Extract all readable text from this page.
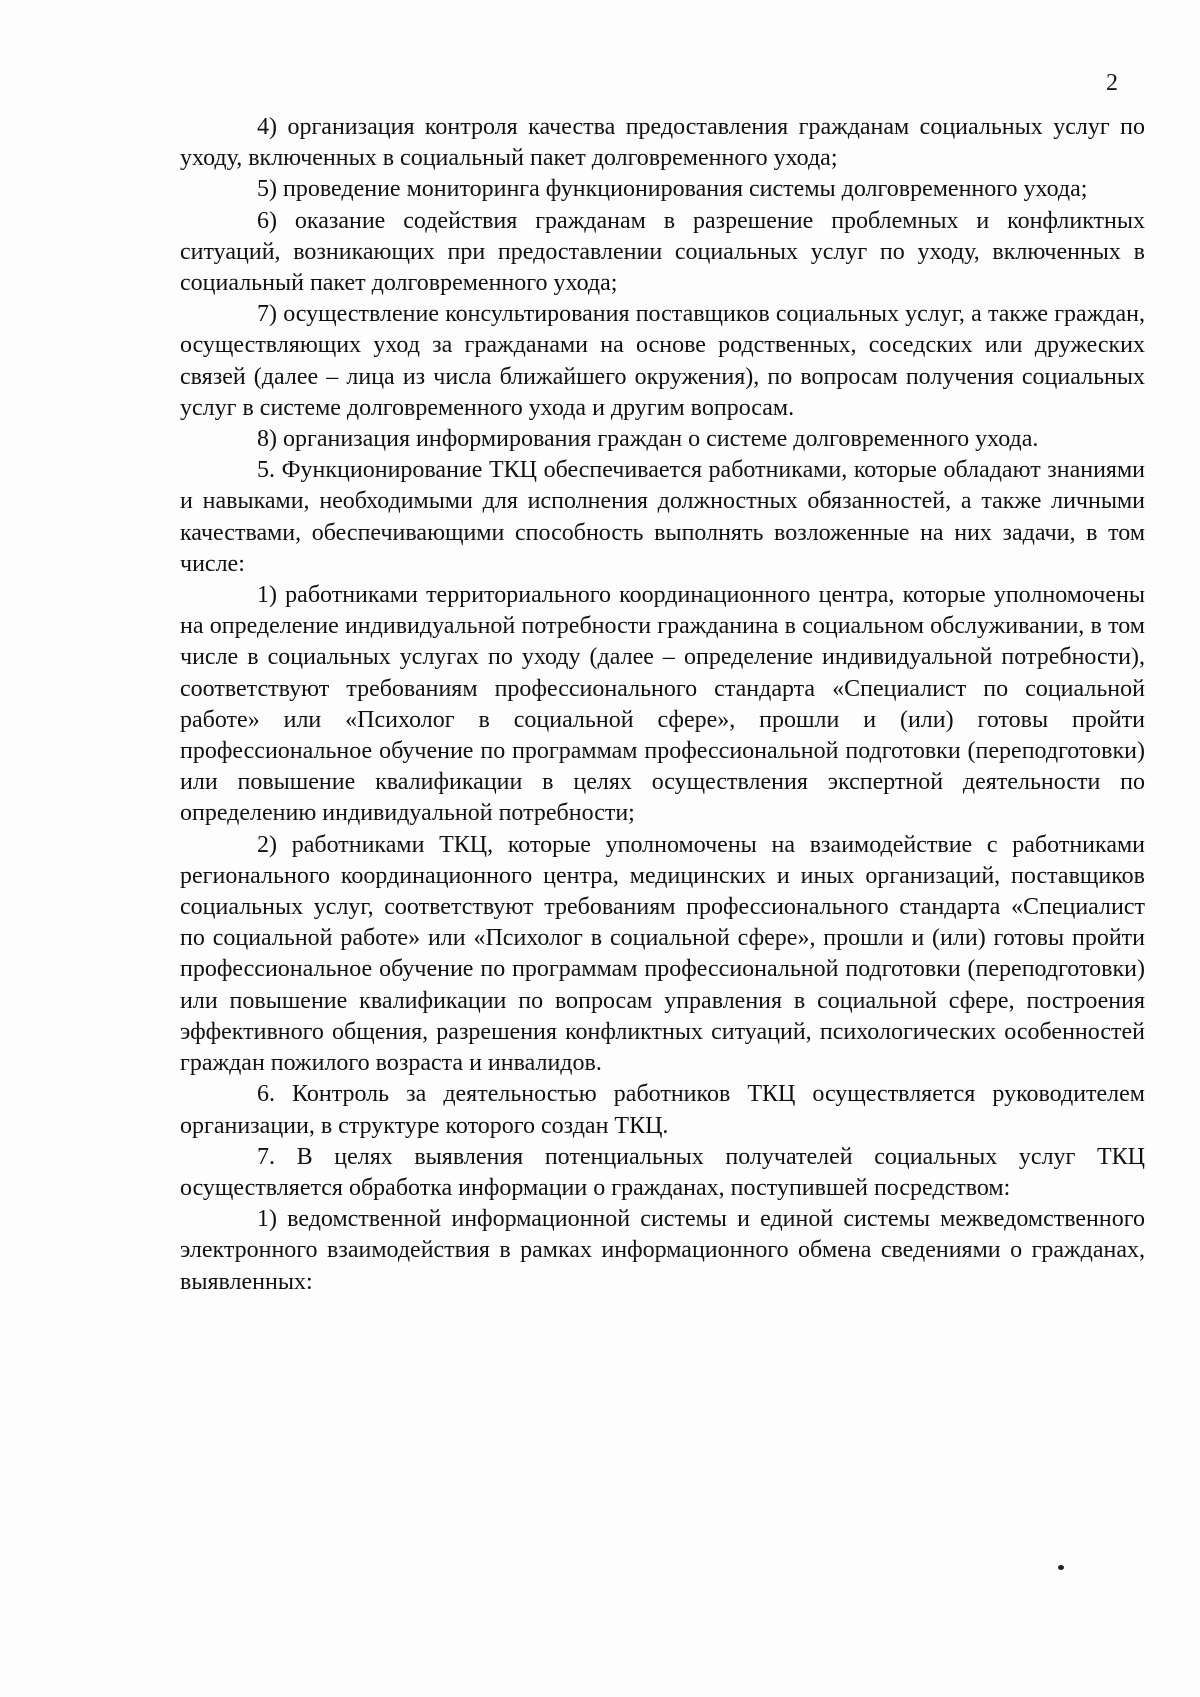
2

4) организация контроля качества предоставления гражданам социальных услуг по уходу, включенных в социальный пакет долговременного ухода;

5) проведение мониторинга функционирования системы долговременного ухода;

6) оказание содействия гражданам в разрешение проблемных и конфликтных ситуаций, возникающих при предоставлении социальных услуг по уходу, включенных в социальный пакет долговременного ухода;

7) осуществление консультирования поставщиков социальных услуг, а также граждан, осуществляющих уход за гражданами на основе родственных, соседских или дружеских связей (далее – лица из числа ближайшего окружения), по вопросам получения социальных услуг в системе долговременного ухода и другим вопросам.

8) организация информирования граждан о системе долговременного ухода.

5. Функционирование ТКЦ обеспечивается работниками, которые обладают знаниями и навыками, необходимыми для исполнения должностных обязанностей, а также личными качествами, обеспечивающими способность выполнять возложенные на них задачи, в том числе:

1) работниками территориального координационного центра, которые уполномочены на определение индивидуальной потребности гражданина в социальном обслуживании, в том числе в социальных услугах по уходу (далее – определение индивидуальной потребности), соответствуют требованиям профессионального стандарта «Специалист по социальной работе» или «Психолог в социальной сфере», прошли и (или) готовы пройти профессиональное обучение по программам профессиональной подготовки (переподготовки) или повышение квалификации в целях осуществления экспертной деятельности по определению индивидуальной потребности;

2) работниками ТКЦ, которые уполномочены на взаимодействие с работниками регионального координационного центра, медицинских и иных организаций, поставщиков социальных услуг, соответствуют требованиям профессионального стандарта «Специалист по социальной работе» или «Психолог в социальной сфере», прошли и (или) готовы пройти профессиональное обучение по программам профессиональной подготовки (переподготовки) или повышение квалификации по вопросам управления в социальной сфере, построения эффективного общения, разрешения конфликтных ситуаций, психологических особенностей граждан пожилого возраста и инвалидов.

6. Контроль за деятельностью работников ТКЦ осуществляется руководителем организации, в структуре которого создан ТКЦ.

7. В целях выявления потенциальных получателей социальных услуг ТКЦ осуществляется обработка информации о гражданах, поступившей посредством:

1) ведомственной информационной системы и единой системы межведомственного электронного взаимодействия в рамках информационного обмена сведениями о гражданах, выявленных:
